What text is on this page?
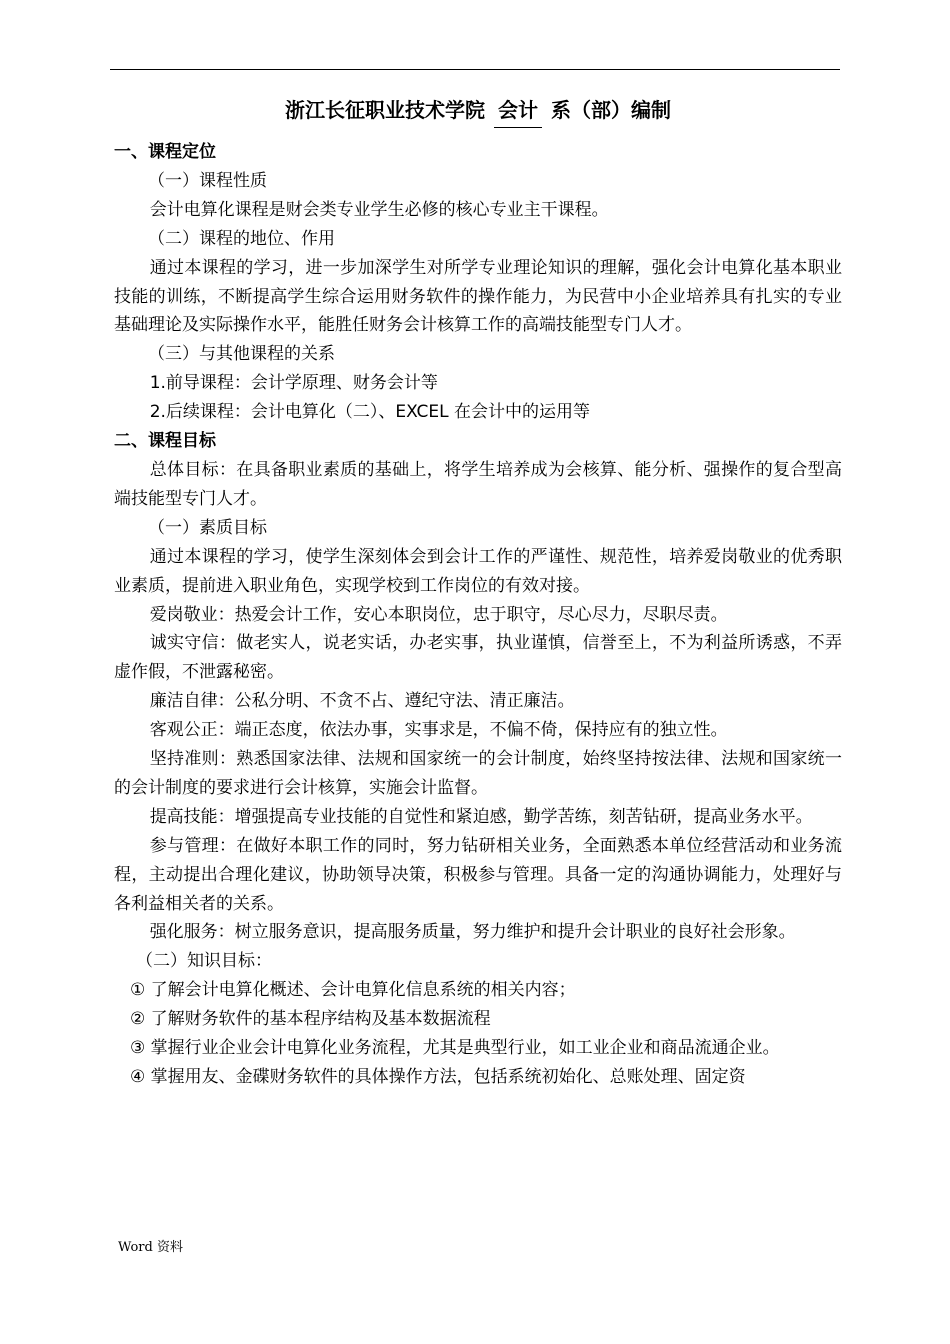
浙江长征职业技术学院 会计 系（部）编制

一、课程定位

（一）课程性质

会计电算化课程是财会类专业学生必修的核心专业主干课程。

（二）课程的地位、作用

通过本课程的学习，进一步加深学生对所学专业理论知识的理解，强化会计电算化基本职业技能的训练，不断提高学生综合运用财务软件的操作能力，为民营中小企业培养具有扎实的专业基础理论及实际操作水平，能胜任财务会计核算工作的高端技能型专门人才。

（三）与其他课程的关系

1.前导课程：会计学原理、财务会计等

2.后续课程：会计电算化（二）、EXCEL 在会计中的运用等

二、课程目标

总体目标：在具备职业素质的基础上，将学生培养成为会核算、能分析、强操作的复合型高端技能型专门人才。

（一）素质目标

通过本课程的学习，使学生深刻体会到会计工作的严谨性、规范性，培养爱岗敬业的优秀职业素质，提前进入职业角色，实现学校到工作岗位的有效对接。

爱岗敬业：热爱会计工作，安心本职岗位，忠于职守，尽心尽力，尽职尽责。

诚实守信：做老实人，说老实话，办老实事，执业谨慎，信誉至上，不为利益所诱惑，不弄虚作假，不泄露秘密。

廉洁自律：公私分明、不贪不占、遵纪守法、清正廉洁。

客观公正：端正态度，依法办事，实事求是，不偏不倚，保持应有的独立性。

坚持准则：熟悉国家法律、法规和国家统一的会计制度，始终坚持按法律、法规和国家统一的会计制度的要求进行会计核算，实施会计监督。

提高技能：增强提高专业技能的自觉性和紧迫感，勤学苦练，刻苦钻研，提高业务水平。

参与管理：在做好本职工作的同时，努力钻研相关业务，全面熟悉本单位经营活动和业务流程，主动提出合理化建议，协助领导决策，积极参与管理。具备一定的沟通协调能力，处理好与各利益相关者的关系。

强化服务：树立服务意识，提高服务质量，努力维护和提升会计职业的良好社会形象。

（二）知识目标：

① 了解会计电算化概述、会计电算化信息系统的相关内容；

② 了解财务软件的基本程序结构及基本数据流程

③ 掌握行业企业会计电算化业务流程，尤其是典型行业，如工业企业和商品流通企业。

④ 掌握用友、金碟财务软件的具体操作方法，包括系统初始化、总账处理、固定资

Word 资料
